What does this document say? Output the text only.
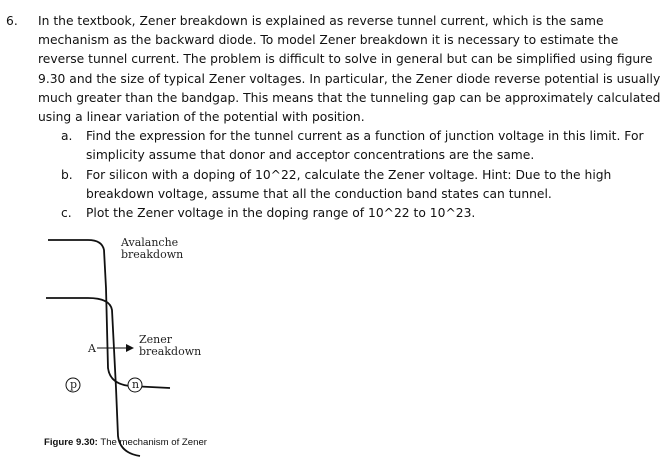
6.	In the textbook, Zener breakdown is explained as reverse tunnel current, which is the same mechanism as the backward diode. To model Zener breakdown it is necessary to estimate the reverse tunnel current. The problem is difficult to solve in general but can be simplified using figure 9.30 and the size of typical Zener voltages. In particular, the Zener diode reverse potential is usually much greater than the bandgap. This means that the tunneling gap can be approximately calculated using a linear variation of the potential with position.
a. Find the expression for the tunnel current as a function of junction voltage in this limit. For simplicity assume that donor and acceptor concentrations are the same.
b. For silicon with a doping of 10^22, calculate the Zener voltage. Hint: Due to the high breakdown voltage, assume that all the conduction band states can tunnel.
c. Plot the Zener voltage in the doping range of 10^22 to 10^23.
Avalanche
breakdown
Zener
breakdown
A
p	n
Figure 9.30: The mechanism of Zener
